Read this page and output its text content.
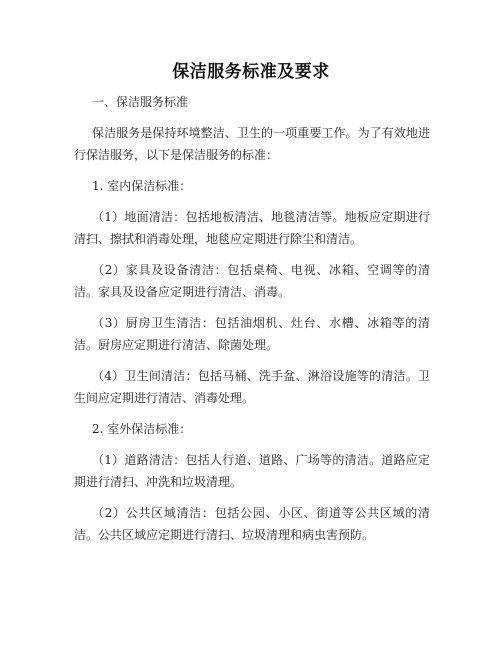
保洁服务标准及要求
一、保洁服务标准
保洁服务是保持环境整洁、卫生的一项重要工作。为了有效地进行保洁服务，以下是保洁服务的标准：
1. 室内保洁标准：
（1）地面清洁：包括地板清洁、地毯清洁等。地板应定期进行清扫、擦拭和消毒处理，地毯应定期进行除尘和清洁。
（2）家具及设备清洁：包括桌椅、电视、冰箱、空调等的清洁。家具及设备应定期进行清洁、消毒。
（3）厨房卫生清洁：包括油烟机、灶台、水槽、冰箱等的清洁。厨房应定期进行清洁、除菌处理。
（4）卫生间清洁：包括马桶、洗手盆、淋浴设施等的清洁。卫生间应定期进行清洁、消毒处理。
2. 室外保洁标准：
（1）道路清洁：包括人行道、道路、广场等的清洁。道路应定期进行清扫、冲洗和垃圾清理。
（2）公共区域清洁：包括公园、小区、街道等公共区域的清洁。公共区域应定期进行清扫、垃圾清理和病虫害预防。
